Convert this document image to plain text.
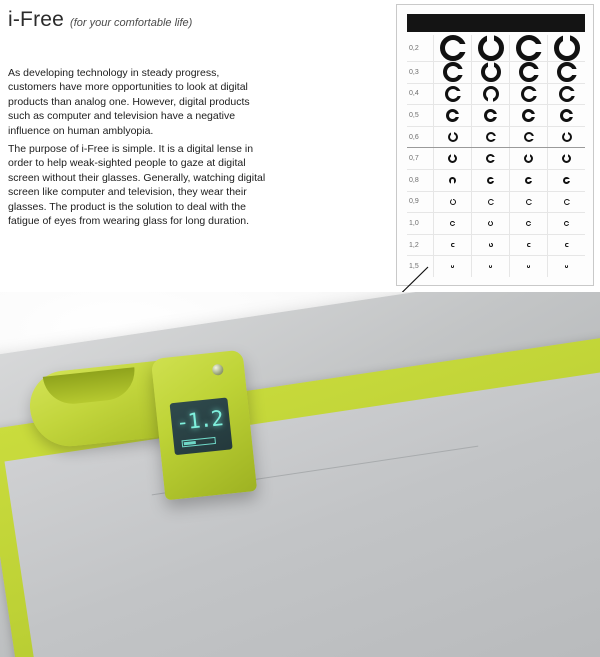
i-Free (for your comfortable life)

As developing technology in steady progress, customers have more opportunities to look at digital products than analog one. However, digital products such as computer and television have a negative influence on human amblyopia.

The purpose of i-Free is simple. It is a digital lense in order to help weak-sighted people to gaze at digital screen without their glasses. Generally, watching digital screen like computer and television, they wear their glasses. The product is the solution to deal with the fatigue of eyes from wearing glass for long duration.

0,2
0,3
0,4
0,5
0,6
0,7
0,8
0,9
1,0
1,2
1,5
-1.2
